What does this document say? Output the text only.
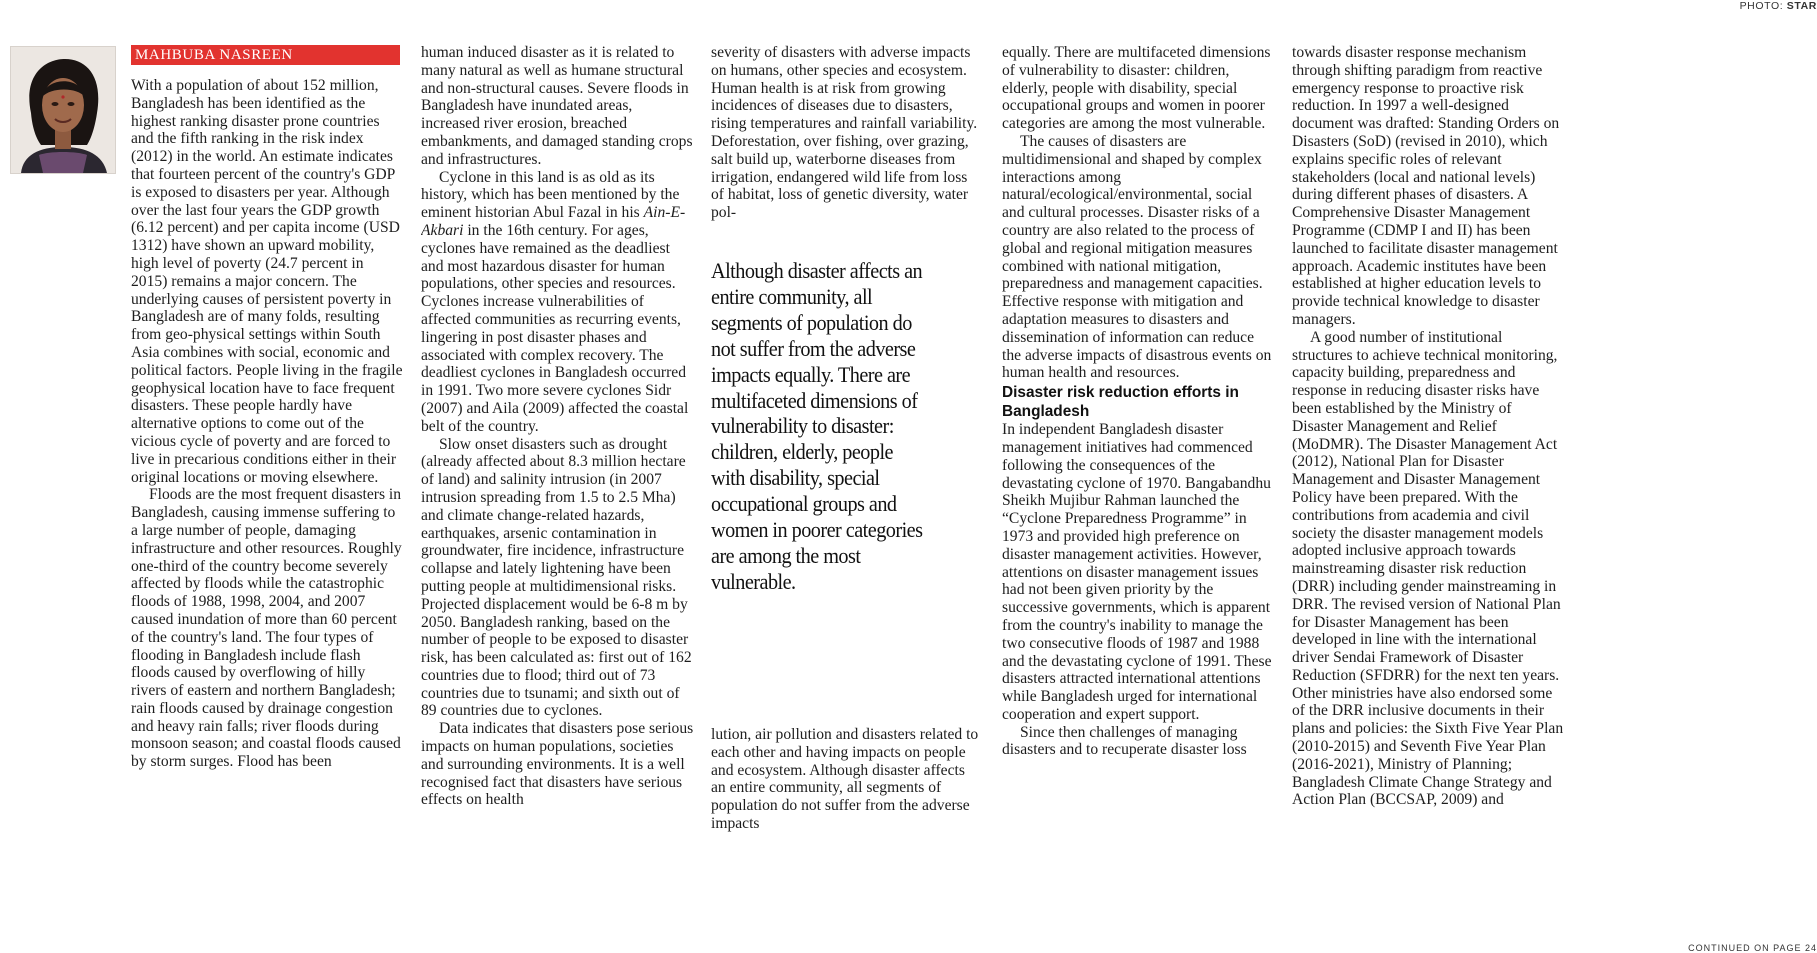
PHOTO: STAR
MAHBUBA NASREEN

With a population of about 152 million, Bangladesh has been identified as the highest ranking disaster prone countries and the fifth ranking in the risk index (2012) in the world. An estimate indicates that fourteen percent of the country's GDP is exposed to disasters per year. Although over the last four years the GDP growth (6.12 percent) and per capita income (USD 1312) have shown an upward mobility, high level of poverty (24.7 percent in 2015) remains a major concern. The underlying causes of persistent poverty in Bangladesh are of many folds, resulting from geo-physical settings within South Asia combines with social, economic and political factors. People living in the fragile geophysical location have to face frequent disasters. These people hardly have alternative options to come out of the vicious cycle of poverty and are forced to live in precarious conditions either in their original locations or moving elsewhere.

Floods are the most frequent disasters in Bangladesh, causing immense suffering to a large number of people, damaging infrastructure and other resources. Roughly one-third of the country become severely affected by floods while the catastrophic floods of 1988, 1998, 2004, and 2007 caused inundation of more than 60 percent of the country's land. The four types of flooding in Bangladesh include flash floods caused by overflowing of hilly rivers of eastern and northern Bangladesh; rain floods caused by drainage congestion and heavy rain falls; river floods during monsoon season; and coastal floods caused by storm surges. Flood has been

human induced disaster as it is related to many natural as well as humane structural and non-structural causes. Severe floods in Bangladesh have inundated areas, increased river erosion, breached embankments, and damaged standing crops and infrastructures.

Cyclone in this land is as old as its history, which has been mentioned by the eminent historian Abul Fazal in his Ain-E-Akbari in the 16th century. For ages, cyclones have remained as the deadliest and most hazardous disaster for human populations, other species and resources. Cyclones increase vulnerabilities of affected communities as recurring events, lingering in post disaster phases and associated with complex recovery. The deadliest cyclones in Bangladesh occurred in 1991. Two more severe cyclones Sidr (2007) and Aila (2009) affected the coastal belt of the country.

Slow onset disasters such as drought (already affected about 8.3 million hectare of land) and salinity intrusion (in 2007 intrusion spreading from 1.5 to 2.5 Mha) and climate change-related hazards, earthquakes, arsenic contamination in groundwater, fire incidence, infrastructure collapse and lately lightening have been putting people at multidimensional risks. Projected displacement would be 6-8 m by 2050. Bangladesh ranking, based on the number of people to be exposed to disaster risk, has been calculated as: first out of 162 countries due to flood; third out of 73 countries due to tsunami; and sixth out of 89 countries due to cyclones.

Data indicates that disasters pose serious impacts on human populations, societies and surrounding environments. It is a well recognised fact that disasters have serious effects on health

severity of disasters with adverse impacts on humans, other species and ecosystem. Human health is at risk from growing incidences of diseases due to disasters, rising temperatures and rainfall variability. Deforestation, over fishing, over grazing, salt build up, waterborne diseases from irrigation, endangered wild life from loss of habitat, loss of genetic diversity, water pol-

Although disaster affects an entire community, all segments of population do not suffer from the adverse impacts equally. There are multifaceted dimensions of vulnerability to disaster: children, elderly, people with disability, special occupational groups and women in poorer categories are among the most vulnerable.

lution, air pollution and disasters related to each other and having impacts on people and ecosystem. Although disaster affects an entire community, all segments of population do not suffer from the adverse impacts

equally. There are multifaceted dimensions of vulnerability to disaster: children, elderly, people with disability, special occupational groups and women in poorer categories are among the most vulnerable.

The causes of disasters are multidimensional and shaped by complex interactions among natural/ecological/environmental, social and cultural processes. Disaster risks of a country are also related to the process of global and regional mitigation measures combined with national mitigation, preparedness and management capacities. Effective response with mitigation and adaptation measures to disasters and dissemination of information can reduce the adverse impacts of disastrous events on human health and resources.

Disaster risk reduction efforts in Bangladesh

In independent Bangladesh disaster management initiatives had commenced following the consequences of the devastating cyclone of 1970. Bangabandhu Sheikh Mujibur Rahman launched the “Cyclone Preparedness Programme” in 1973 and provided high preference on disaster management activities. However, attentions on disaster management issues had not been given priority by the successive governments, which is apparent from the country's inability to manage the two consecutive floods of 1987 and 1988 and the devastating cyclone of 1991. These disasters attracted international attentions while Bangladesh urged for international cooperation and expert support.

Since then challenges of managing disasters and to recuperate disaster loss

towards disaster response mechanism through shifting paradigm from reactive emergency response to proactive risk reduction. In 1997 a well-designed document was drafted: Standing Orders on Disasters (SoD) (revised in 2010), which explains specific roles of relevant stakeholders (local and national levels) during different phases of disasters. A Comprehensive Disaster Management Programme (CDMP I and II) has been launched to facilitate disaster management approach. Academic institutes have been established at higher education levels to provide technical knowledge to disaster managers.

A good number of institutional structures to achieve technical monitoring, capacity building, preparedness and response in reducing disaster risks have been established by the Ministry of Disaster Management and Relief (MoDMR). The Disaster Management Act (2012), National Plan for Disaster Management and Disaster Management Policy have been prepared. With the contributions from academia and civil society the disaster management models adopted inclusive approach towards mainstreaming disaster risk reduction (DRR) including gender mainstreaming in DRR. The revised version of National Plan for Disaster Management has been developed in line with the international driver Sendai Framework of Disaster Reduction (SFDRR) for the next ten years. Other ministries have also endorsed some of the DRR inclusive documents in their plans and policies: the Sixth Five Year Plan (2010-2015) and Seventh Five Year Plan (2016-2021), Ministry of Planning; Bangladesh Climate Change Strategy and Action Plan (BCCSAP, 2009) and

CONTINUED ON PAGE 24
